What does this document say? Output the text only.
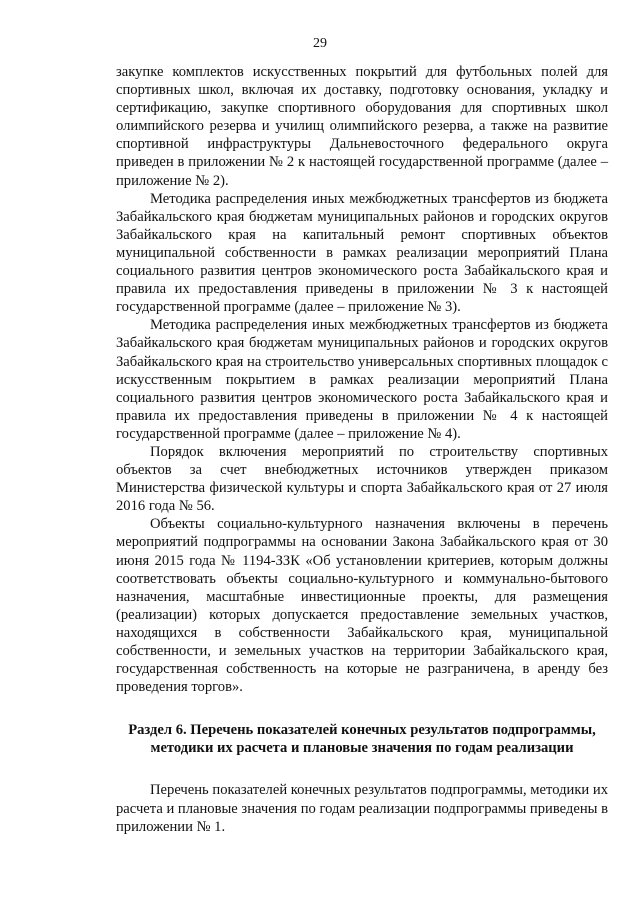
29

закупке комплектов искусственных покрытий для футбольных полей для спортивных школ, включая их доставку, подготовку основания, укладку и сертификацию, закупке спортивного оборудования для спортивных школ олимпийского резерва и училищ олимпийского резерва, а также на развитие спортивной инфраструктуры Дальневосточного федерального округа приведен в приложении № 2 к настоящей государственной программе (далее – приложение № 2).

Методика распределения иных межбюджетных трансфертов из бюджета Забайкальского края бюджетам муниципальных районов и городских округов Забайкальского края на капитальный ремонт спортивных объектов муниципальной собственности в рамках реализации мероприятий Плана социального развития центров экономического роста Забайкальского края и правила их предоставления приведены в приложении № 3 к настоящей государственной программе (далее – приложение № 3).

Методика распределения иных межбюджетных трансфертов из бюджета Забайкальского края бюджетам муниципальных районов и городских округов Забайкальского края на строительство универсальных спортивных площадок с искусственным покрытием в рамках реализации мероприятий Плана социального развития центров экономического роста Забайкальского края и правила их предоставления приведены в приложении № 4 к настоящей государственной программе (далее – приложение № 4).

Порядок включения мероприятий по строительству спортивных объектов за счет внебюджетных источников утвержден приказом Министерства физической культуры и спорта Забайкальского края от 27 июля 2016 года № 56.

Объекты социально-культурного назначения включены в перечень мероприятий подпрограммы на основании Закона Забайкальского края от 30 июня 2015 года № 1194-ЗЗК «Об установлении критериев, которым должны соответствовать объекты социально-культурного и коммунально-бытового назначения, масштабные инвестиционные проекты, для размещения (реализации) которых допускается предоставление земельных участков, находящихся в собственности Забайкальского края, муниципальной собственности, и земельных участков на территории Забайкальского края, государственная собственность на которые не разграничена, в аренду без проведения торгов».

Раздел 6. Перечень показателей конечных результатов подпрограммы,
методики их расчета и плановые значения по годам реализации

Перечень показателей конечных результатов подпрограммы, методики их расчета и плановые значения по годам реализации подпрограммы приведены в приложении № 1.
